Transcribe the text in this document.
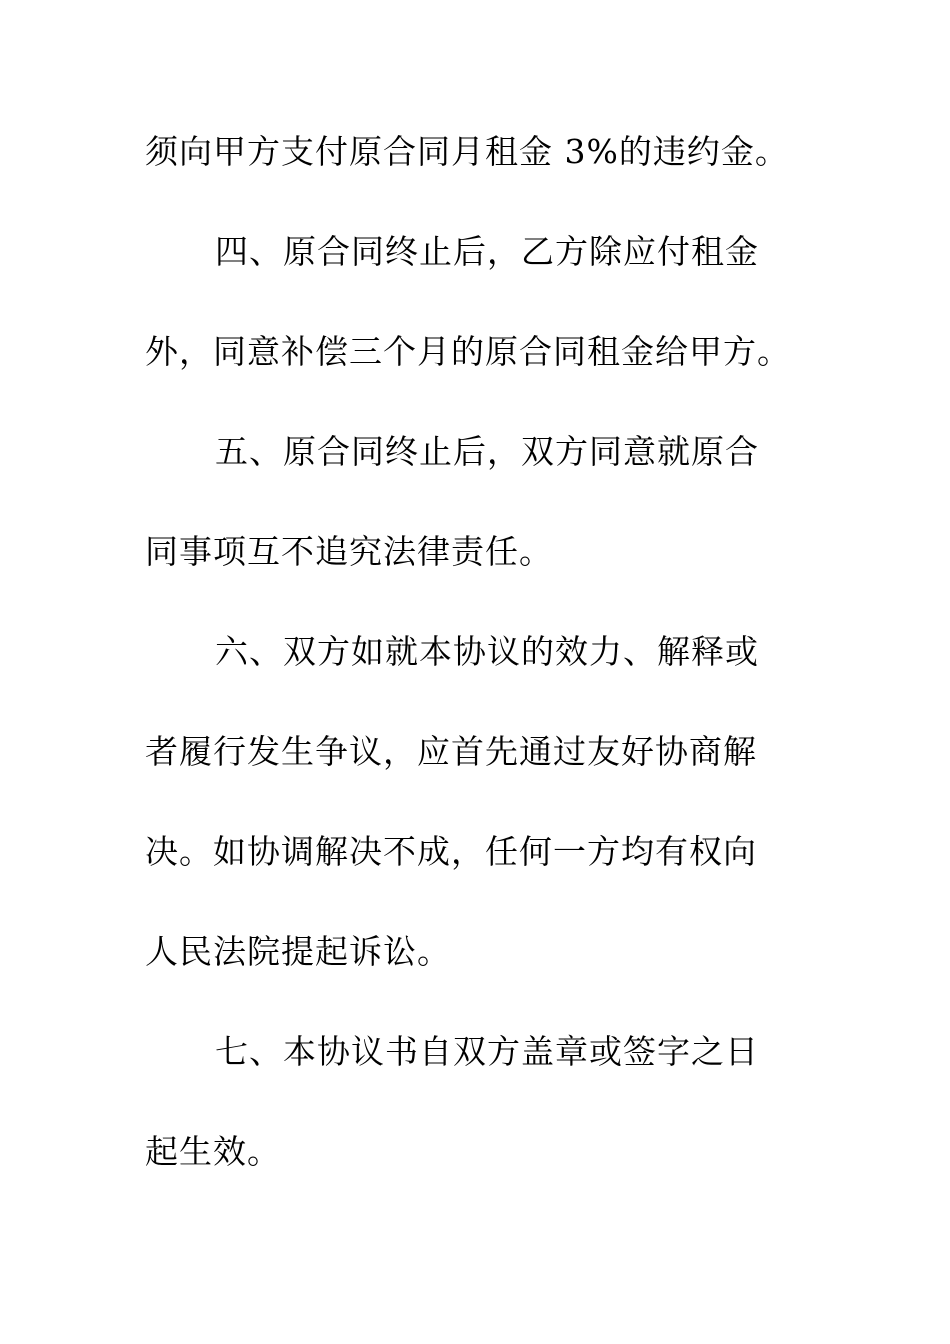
须向甲方支付原合同月租金 3%的违约金。
四、原合同终止后，乙方除应付租金
外，同意补偿三个月的原合同租金给甲方。
五、原合同终止后，双方同意就原合
同事项互不追究法律责任。
六、双方如就本协议的效力、解释或
者履行发生争议，应首先通过友好协商解
决。如协调解决不成，任何一方均有权向
人民法院提起诉讼。
七、本协议书自双方盖章或签字之日
起生效。
